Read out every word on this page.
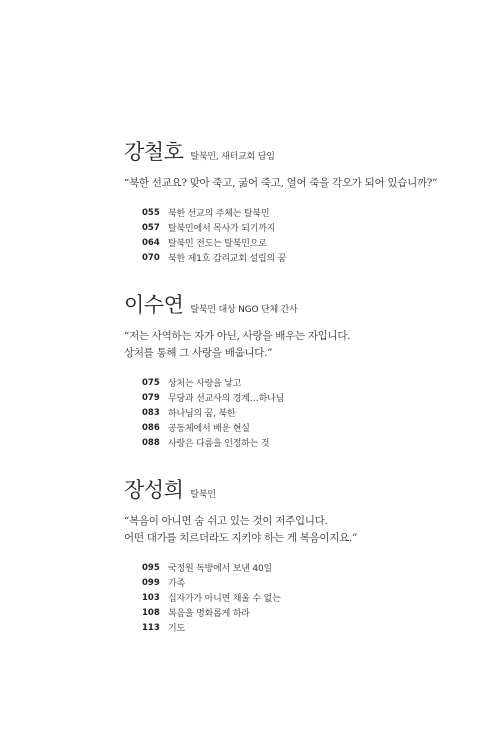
강철호 탈북민, 새터교회 담임
“북한 선교요? 맞아 죽고, 굶어 죽고, 얼어 죽을 각오가 되어 있습니까?”
055 북한 선교의 주체는 탈북민
057 탈북민에서 목사가 되기까지
064 탈북민 전도는 탈북민으로
070 북한 제1호 감리교회 설립의 꿈
이수연 탈북민 대상 NGO 단체 간사
“저는 사역하는 자가 아닌, 사랑을 배우는 자입니다.
상처를 통해 그 사랑을 배웁니다.”
075 상처는 사랑을 낳고
079 무당과 선교사의 경계…하나님
083 하나님의 꿈, 북한
086 공동체에서 배운 현실
088 사랑은 다름을 인정하는 것
장성희 탈북민
“복음이 아니면 숨 쉬고 있는 것이 저주입니다.
어떤 대가를 치르더라도 지키야 하는 게 복음이지요.”
095 국정원 독방에서 보낸 40일
099 가족
103 십자가가 아니면 채울 수 없는
108 복음을 명화롭게 하라
113 기도
